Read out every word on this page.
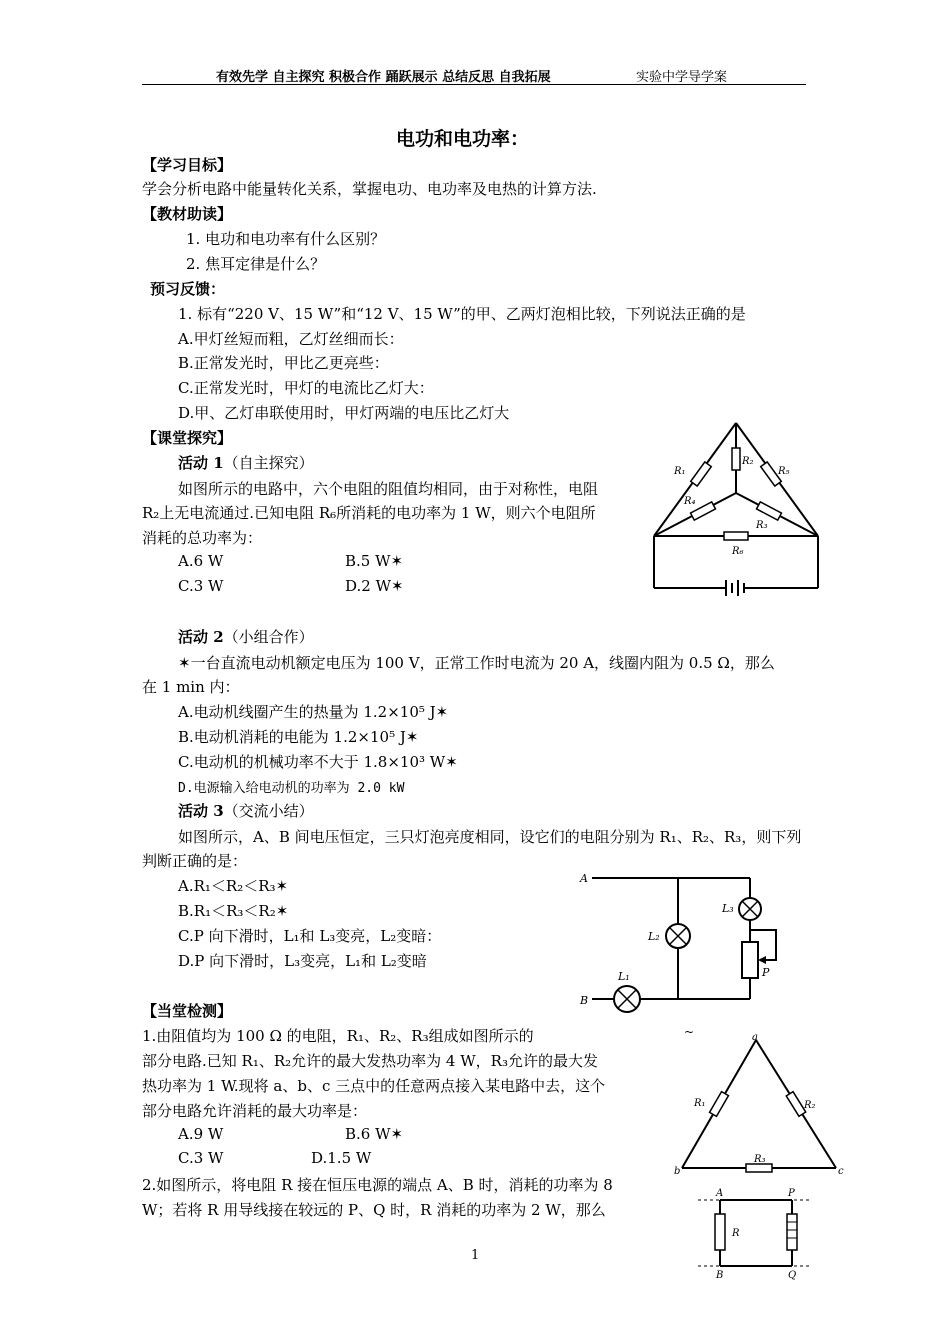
有效先学 自主探究 积极合作 踊跃展示 总结反思 自我拓展	实验中学导学案
电功和电功率：
【学习目标】
学会分析电路中能量转化关系，掌握电功、电功率及电热的计算方法.
【教材助读】
1. 电功和电功率有什么区别？
2. 焦耳定律是什么？
预习反馈：
1. 标有“220 V、15 W”和“12 V、15 W”的甲、乙两灯泡相比较，下列说法正确的是
A.甲灯丝短而粗，乙灯丝细而长：
B.正常发光时，甲比乙更亮些：
C.正常发光时，甲灯的电流比乙灯大：
D.甲、乙灯串联使用时，甲灯两端的电压比乙灯大
【课堂探究】
活动 1（自主探究）
如图所示的电路中，六个电阻的阻值均相同，由于对称性，电阻
R₂上无电流通过.已知电阻 R₆所消耗的电功率为 1 W，则六个电阻所
消耗的总功率为：
A.6 W	B.5 W✶
C.3 W	D.2 W✶
R₁
R₂
R₄
R₅
R₃
R₆
活动 2（小组合作）
✶一台直流电动机额定电压为 100 V，正常工作时电流为 20 A，线圈内阻为 0.5 Ω，那么
在 1 min 内：
A.电动机线圈产生的热量为 1.2×10⁵ J✶
B.电动机消耗的电能为 1.2×10⁵ J✶
C.电动机的机械功率不大于 1.8×10³ W✶
D.电源输入给电动机的功率为 2.0 kW
活动 3（交流小结）
如图所示，A、B 间电压恒定，三只灯泡亮度相同，设它们的电阻分别为 R₁、R₂、R₃，则下列
判断正确的是：
A.R₁＜R₂＜R₃✶
B.R₁＜R₃＜R₂✶
C.P 向下滑时，L₁和 L₃变亮，L₂变暗：
D.P 向下滑时，L₃变亮，L₁和 L₂变暗
A
B
L₁
L₂
L₃
P
【当堂检测】
1.由阻值均为 100 Ω 的电阻，R₁、R₂、R₃组成如图所示的	~
部分电路.已知 R₁、R₂允许的最大发热功率为 4 W，R₃允许的最大发
热功率为 1 W.现将 a、b、c 三点中的任意两点接入某电路中去，这个
部分电路允许消耗的最大功率是：
A.9 W	B.6 W✶
C.3 W	D.1.5 W
2.如图所示，将电阻 R 接在恒压电源的端点 A、B 时，消耗的功率为 8
W；若将 R 用导线接在较远的 P、Q 时，R 消耗的功率为 2 W，那么
a
b	c
R₁	R₂
R₃
A
B
P
Q
R
1
